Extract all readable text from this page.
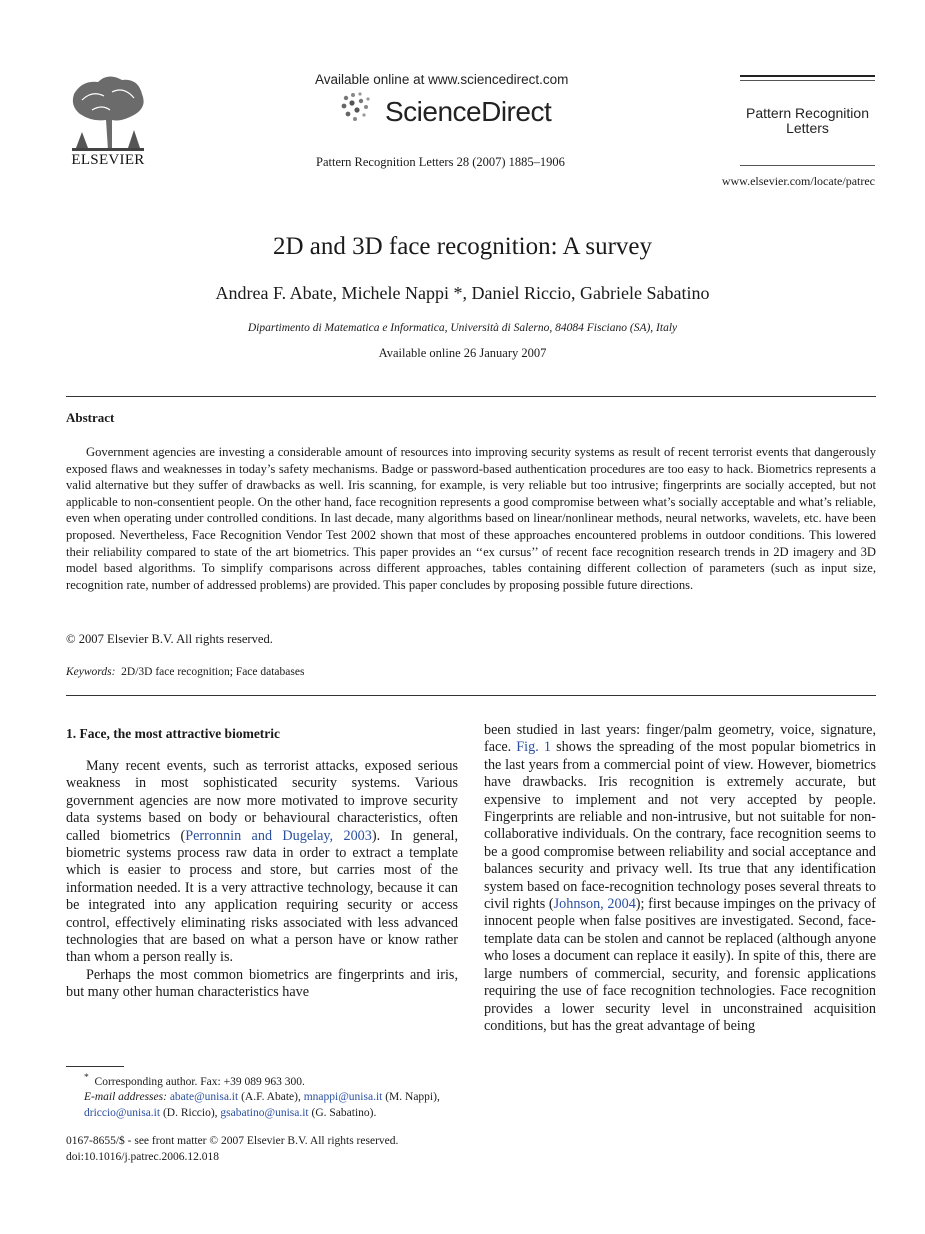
ELSEVIER
Available online at www.sciencedirect.com
ScienceDirect
Pattern Recognition Letters 28 (2007) 1885–1906
Pattern Recognition
Letters
www.elsevier.com/locate/patrec
2D and 3D face recognition: A survey
Andrea F. Abate, Michele Nappi *, Daniel Riccio, Gabriele Sabatino
Dipartimento di Matematica e Informatica, Università di Salerno, 84084 Fisciano (SA), Italy
Available online 26 January 2007
Abstract
Government agencies are investing a considerable amount of resources into improving security systems as result of recent terrorist events that dangerously exposed flaws and weaknesses in today’s safety mechanisms. Badge or password-based authentication procedures are too easy to hack. Biometrics represents a valid alternative but they suffer of drawbacks as well. Iris scanning, for example, is very reliable but too intrusive; fingerprints are socially accepted, but not applicable to non-consentient people. On the other hand, face recognition represents a good compromise between what’s socially acceptable and what’s reliable, even when operating under controlled conditions. In last decade, many algorithms based on linear/nonlinear methods, neural networks, wavelets, etc. have been proposed. Nevertheless, Face Recognition Vendor Test 2002 shown that most of these approaches encountered problems in outdoor conditions. This lowered their reliability compared to state of the art biometrics. This paper provides an ‘‘ex cursus’’ of recent face recognition research trends in 2D imagery and 3D model based algorithms. To simplify comparisons across different approaches, tables containing different collection of parameters (such as input size, recognition rate, number of addressed problems) are provided. This paper concludes by proposing possible future directions.
© 2007 Elsevier B.V. All rights reserved.
Keywords: 2D/3D face recognition; Face databases
1. Face, the most attractive biometric

Many recent events, such as terrorist attacks, exposed serious weakness in most sophisticated security systems. Various government agencies are now more motivated to improve security data systems based on body or behavioural characteristics, often called biometrics (Perronnin and Dugelay, 2003). In general, biometric systems process raw data in order to extract a template which is easier to process and store, but carries most of the information needed. It is a very attractive technology, because it can be integrated into any application requiring security or access control, effectively eliminating risks associated with less advanced technologies that are based on what a person have or know rather than whom a person really is.

Perhaps the most common biometrics are fingerprints and iris, but many other human characteristics have

been studied in last years: finger/palm geometry, voice, signature, face. Fig. 1 shows the spreading of the most popular biometrics in the last years from a commercial point of view. However, biometrics have drawbacks. Iris recognition is extremely accurate, but expensive to implement and not very accepted by people. Fingerprints are reliable and non-intrusive, but not suitable for non-collaborative individuals. On the contrary, face recognition seems to be a good compromise between reliability and social acceptance and balances security and privacy well. Its true that any identification system based on face-recognition technology poses several threats to civil rights (Johnson, 2004); first because impinges on the privacy of innocent people when false positives are investigated. Second, face-template data can be stolen and cannot be replaced (although anyone who loses a document can replace it easily). In spite of this, there are large numbers of commercial, security, and forensic applications requiring the use of face recognition technologies. Face recognition provides a lower security level in unconstrained acquisition conditions, but has the great advantage of being

* Corresponding author. Fax: +39 089 963 300.
E-mail addresses: abate@unisa.it (A.F. Abate), mnappi@unisa.it (M. Nappi), driccio@unisa.it (D. Riccio), gsabatino@unisa.it (G. Sabatino).
0167-8655/$ - see front matter © 2007 Elsevier B.V. All rights reserved.
doi:10.1016/j.patrec.2006.12.018
